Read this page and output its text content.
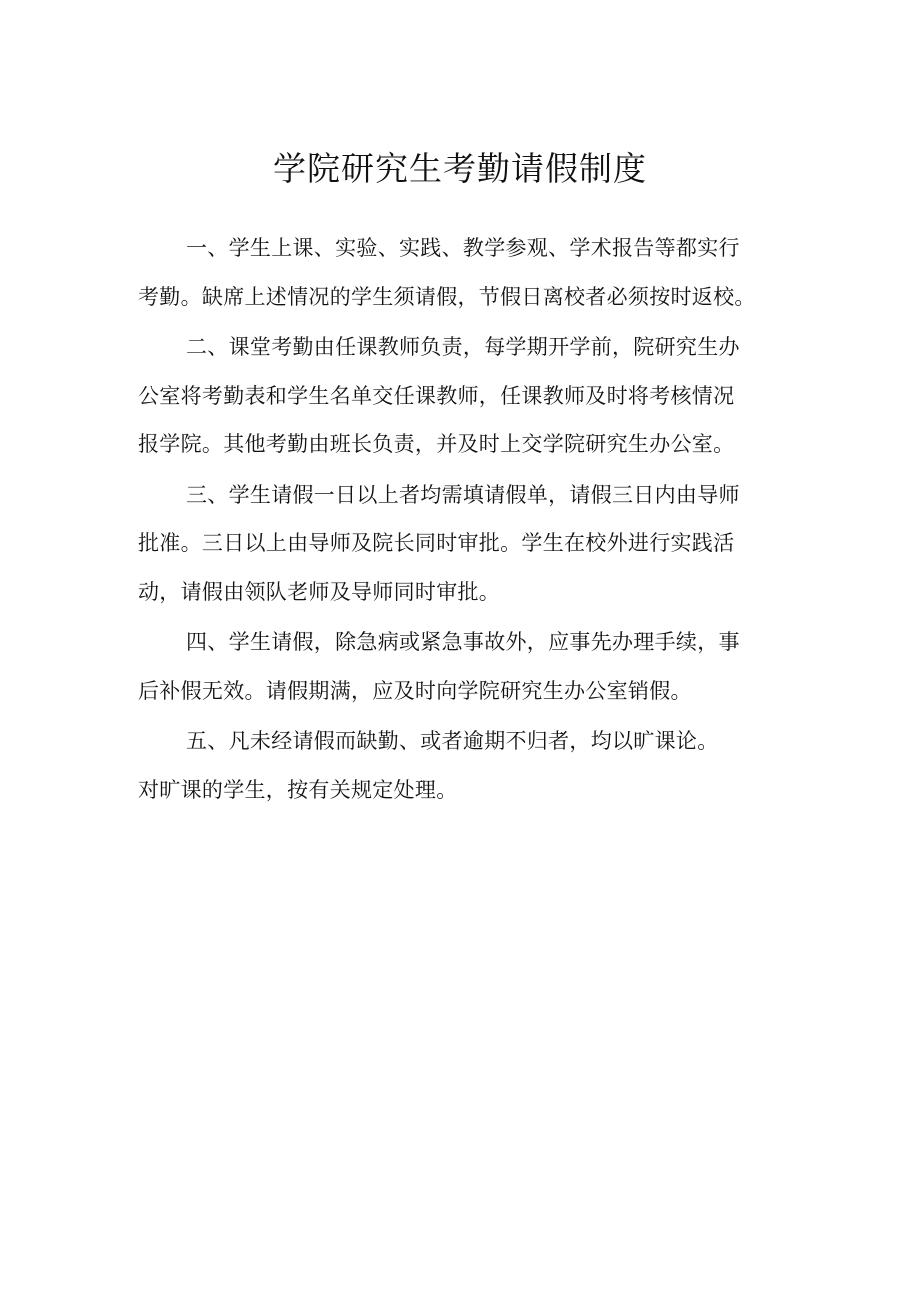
学院研究生考勤请假制度

一、学生上课、实验、实践、教学参观、学术报告等都实行
考勤。缺席上述情况的学生须请假，节假日离校者必须按时返校。

二、课堂考勤由任课教师负责，每学期开学前，院研究生办
公室将考勤表和学生名单交任课教师，任课教师及时将考核情况
报学院。其他考勤由班长负责，并及时上交学院研究生办公室。

三、学生请假一日以上者均需填请假单，请假三日内由导师
批准。三日以上由导师及院长同时审批。学生在校外进行实践活
动，请假由领队老师及导师同时审批。

四、学生请假，除急病或紧急事故外，应事先办理手续，事
后补假无效。请假期满，应及时向学院研究生办公室销假。

五、凡未经请假而缺勤、或者逾期不归者，均以旷课论。
对旷课的学生，按有关规定处理。
